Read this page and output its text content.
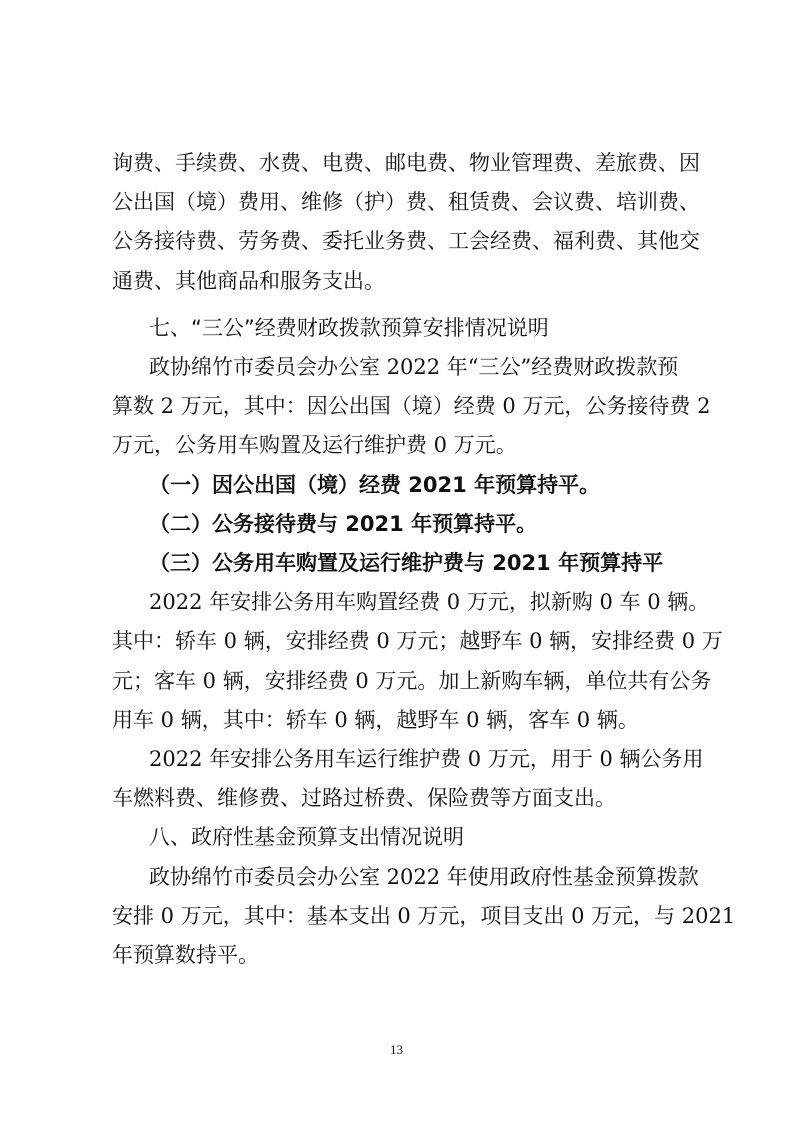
询费、手续费、水费、电费、邮电费、物业管理费、差旅费、因
公出国（境）费用、维修（护）费、租赁费、会议费、培训费、
公务接待费、劳务费、委托业务费、工会经费、福利费、其他交
通费、其他商品和服务支出。
七、“三公”经费财政拨款预算安排情况说明
政协绵竹市委员会办公室 2022 年“三公”经费财政拨款预
算数 2 万元，其中：因公出国（境）经费 0 万元，公务接待费 2
万元，公务用车购置及运行维护费 0 万元。
（一）因公出国（境）经费 2021 年预算持平。
（二）公务接待费与 2021 年预算持平。
（三）公务用车购置及运行维护费与 2021 年预算持平
2022 年安排公务用车购置经费 0 万元，拟新购 0 车 0 辆。
其中：轿车 0 辆，安排经费 0 万元；越野车 0 辆，安排经费 0 万
元；客车 0 辆，安排经费 0 万元。加上新购车辆，单位共有公务
用车 0 辆，其中：轿车 0 辆，越野车 0 辆，客车 0 辆。
2022 年安排公务用车运行维护费 0 万元，用于 0 辆公务用
车燃料费、维修费、过路过桥费、保险费等方面支出。
八、政府性基金预算支出情况说明
政协绵竹市委员会办公室 2022 年使用政府性基金预算拨款
安排 0 万元，其中：基本支出 0 万元，项目支出 0 万元，与 2021
年预算数持平。
13
